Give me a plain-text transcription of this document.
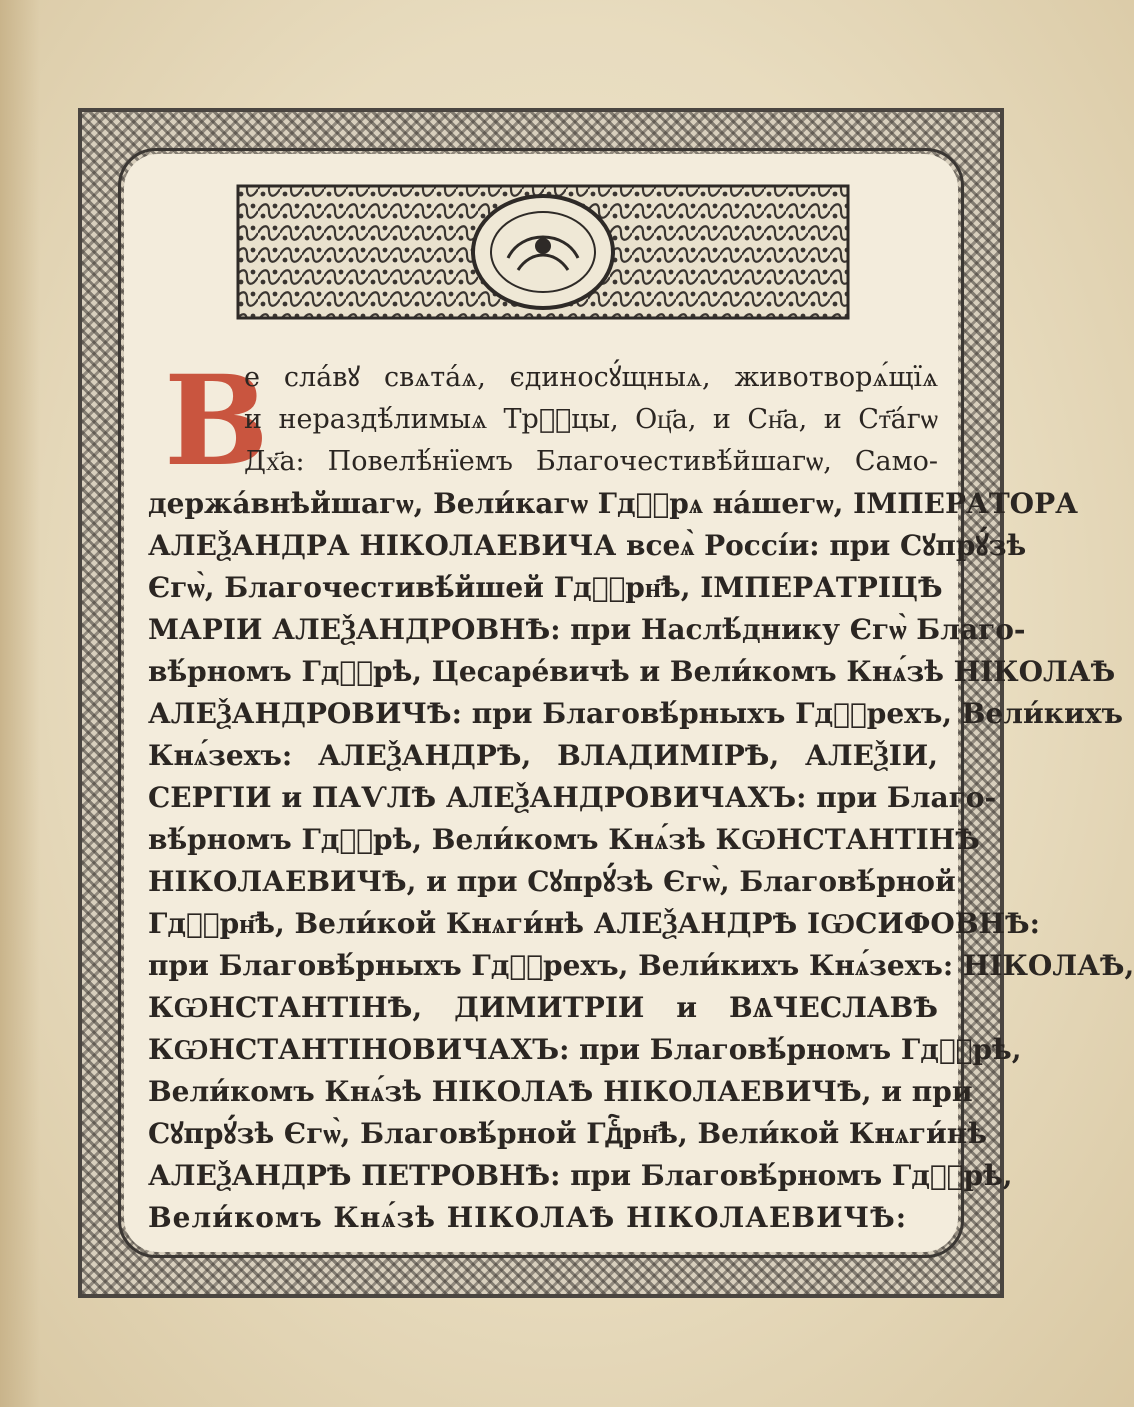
В
е сла́вꙋ свѧта́ѧ, єдиносꙋ́щныѧ, животворѧ́щїѧ
и нераздѣ́лимыѧ Трⷪ҇цы, Оц҃а, и Сн҃а, и Ст҃а́гѡ
Дх҃а: Повелѣ́нїемъ Благочестивѣ́йшагѡ, Само-
держа́внѣйшагѡ, Вели́кагѡ Гдⷭ҇рѧ на́шегѡ, ІМПЕРАТОРА
АЛЕѮАНДРА НІКОЛАЕВИЧА всеѧ̀ Россі́и: при Сꙋпрꙋ́зѣ
Єгѡ̀, Благочестивѣ́йшей Гдⷭ҇рн҃ѣ, ІМПЕРАТРІЦѢ
МАРІИ АЛЕѮАНДРОВНѢ: при Наслѣ́днику Єгѡ̀ Благо-
вѣ́рномъ Гдⷭ҇рѣ, Цесаре́вичѣ и Вели́комъ Кнѧ́зѣ НІКОЛАѢ
АЛЕѮАНДРОВИЧѢ: при Благовѣ́рныхъ Гдⷭ҇рехъ, Вели́кихъ
Кнѧ́зехъ: АЛЕѮАНДРѢ, ВЛАДИМІРѢ, АЛЕѮІИ,
СЕРГІИ и ПАѴЛѢ АЛЕѮАНДРОВИЧАХЪ: при Благо-
вѣ́рномъ Гдⷭ҇рѣ, Вели́комъ Кнѧ́зѣ КѠНСТАНТІНѢ
НІКОЛАЕВИЧѢ, и при Сꙋпрꙋ́зѣ Єгѡ̀, Благовѣ́рной
Гдⷭ҇рн҃ѣ, Вели́кой Кнѧги́нѣ АЛЕѮАНДРѢ ІѠСИФОВНѢ:
при Благовѣ́рныхъ Гдⷭ҇рехъ, Вели́кихъ Кнѧ́зехъ: НІКОЛАѢ,
КѠНСТАНТІНѢ, ДИМИТРІИ и ВѦЧЕСЛАВѢ
КѠНСТАНТІНОВИЧАХЪ: при Благовѣ́рномъ Гдⷭ҇рѣ,
Вели́комъ Кнѧ́зѣ НІКОЛАѢ НІКОЛАЕВИЧѢ, и при
Сꙋпрꙋ́зѣ Єгѡ̀, Благовѣ́рной Гдⷭ҇рн҃ѣ, Вели́кой Кнѧги́нѣ
АЛЕѮАНДРѢ ПЕТРОВНѢ: при Благовѣ́рномъ Гдⷭ҇рѣ,
Вели́комъ Кнѧ́зѣ НІКОЛАѢ НІКОЛАЕВИЧѢ:
